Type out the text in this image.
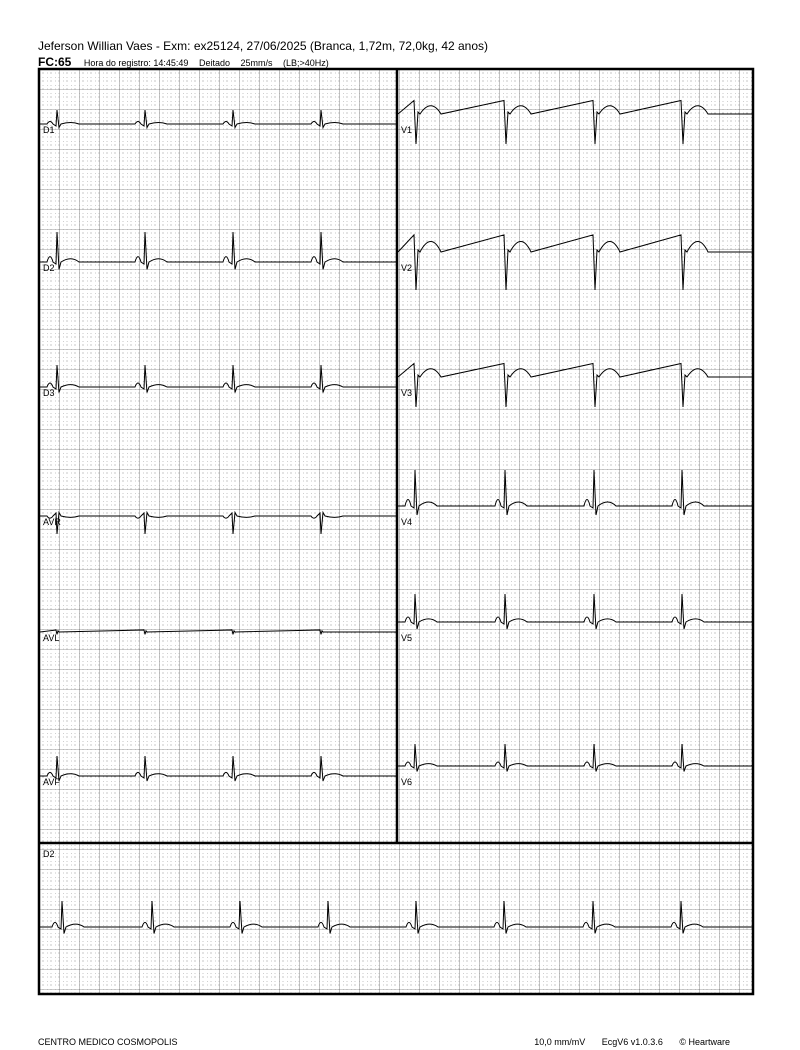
Jeferson Willian Vaes - Exm: ex25124, 27/06/2025 (Branca, 1,72m, 72,0kg, 42 anos)
FC:65 Hora do registro: 14:45:49 Deitado 25mm/s (LB;>40Hz)
D1
D2
D3
AVR
AVL
AVF
V1
V2
V3
V4
V5
V6
D2
CENTRO MEDICO COSMOPOLIS	10,0 mm/mV EcgV6 v1.0.3.6 © Heartware
